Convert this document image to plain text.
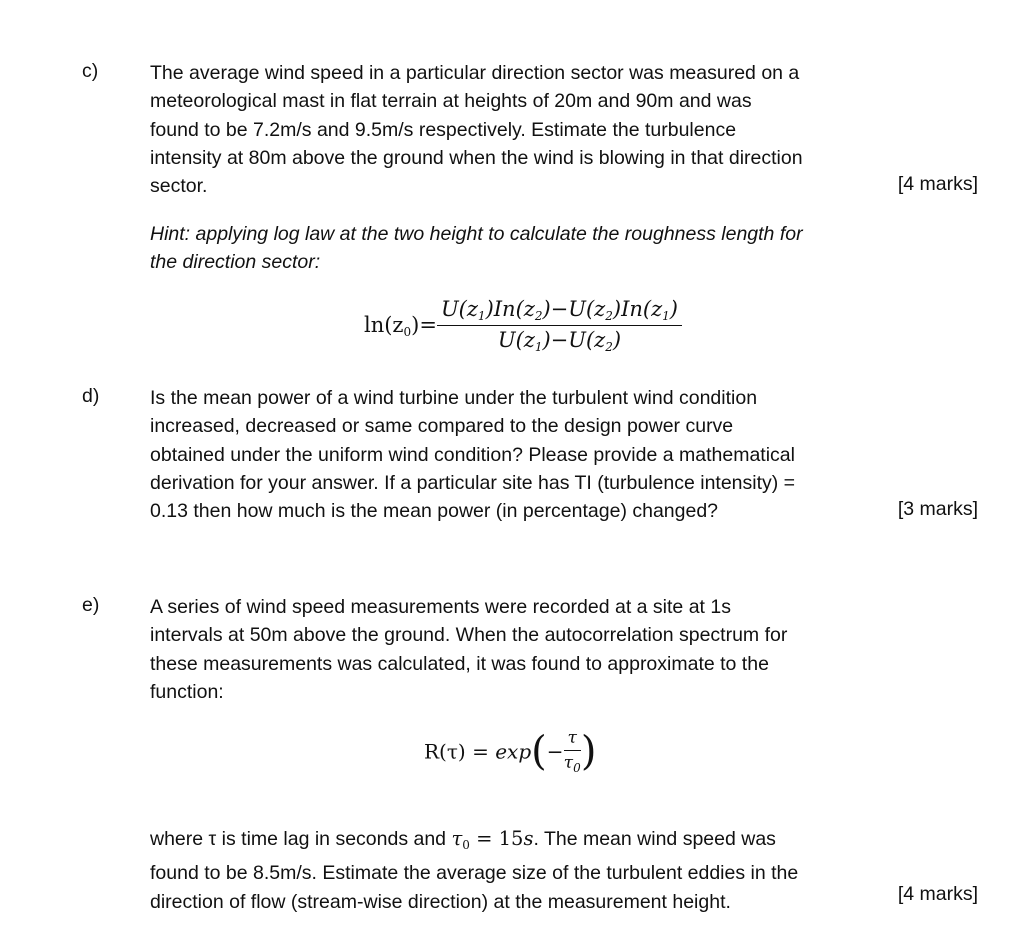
c)	The average wind speed in a particular direction sector was measured on a
meteorological mast in flat terrain at heights of 20m and 90m and was
found to be 7.2m/s and 9.5m/s respectively. Estimate the turbulence
intensity at 80m above the ground when the wind is blowing in that direction
sector.	[4 marks]

Hint: applying log law at the two height to calculate the roughness length for
the direction sector:

$\ln(z_0)= \frac{U(z_1)In(z_2)-U(z_2)In(z_1)}{U(z_1)-U(z_2)}$
d)	Is the mean power of a wind turbine under the turbulent wind condition
increased, decreased or same compared to the design power curve
obtained under the uniform wind condition? Please provide a mathematical
derivation for your answer. If a particular site has TI (turbulence intensity) =
0.13 then how much is the mean power (in percentage) changed?	[3 marks]
e)	A series of wind speed measurements were recorded at a site at 1s
intervals at 50m above the ground. When the autocorrelation spectrum for
these measurements was calculated, it was found to approximate to the
function:

$R(\tau) = \exp(- \frac{\tau}{\tau_0}$ )

where τ is time lag in seconds and $\tau_0 = 15s$. The mean wind speed was
found to be 8.5m/s. Estimate the average size of the turbulent eddies in the
direction of flow (stream-wise direction) at the measurement height.	[4 marks]
